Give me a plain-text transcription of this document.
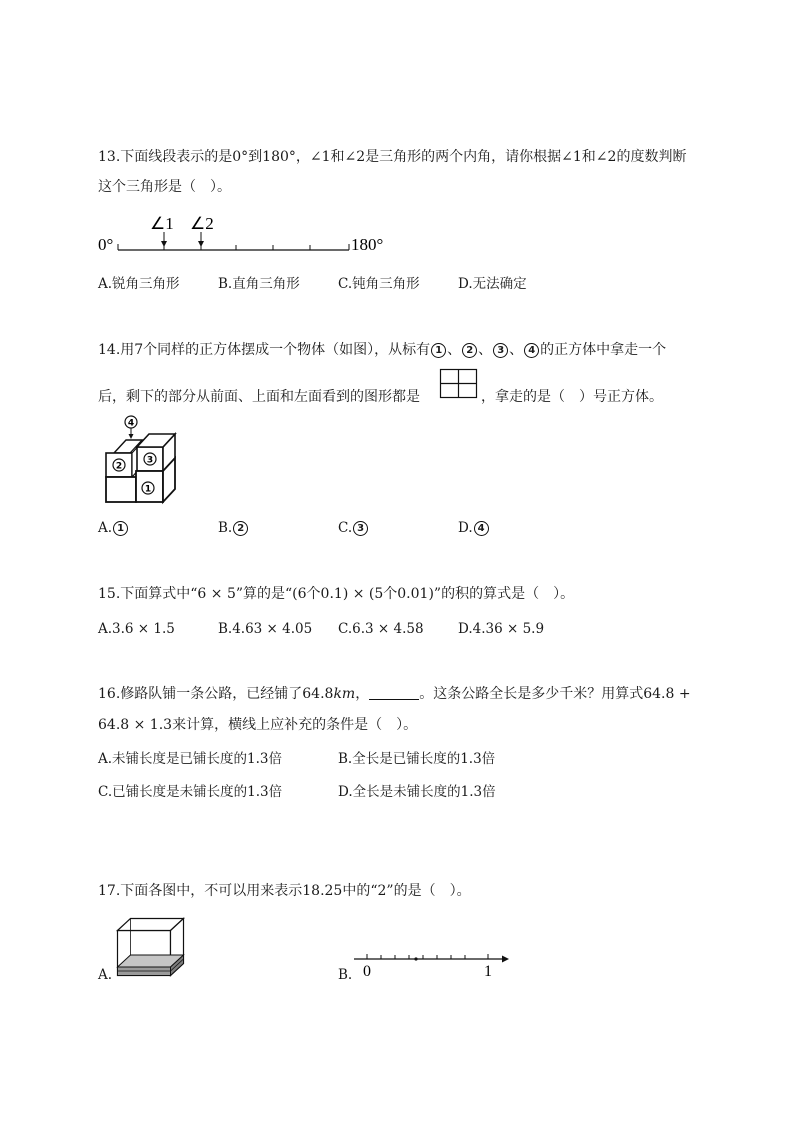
13.下面线段表示的是0°到180°，∠1和∠2是三角形的两个内角，请你根据∠1和∠2的度数判断
这个三角形是（　）。
0°	180°
∠1 ∠2
A.锐角三角形	B.直角三角形	C.钝角三角形	D.无法确定
14.用7个同样的正方体摆成一个物体（如图），从标有 1 、 2 、 3 、 4 的正方体中拿走一个
后，剩下的部分从前面、上面和左面看到的图形都是	，拿走的是（　）号正方体。
4
2
3
1
A. 1	B. 2	C. 3	D. 4
15.下面算式中“6 × 5”算的是“(6个0.1) × (5个0.01)”的积的算式是（　）。
A.3.6 × 1.5	B.4.63 × 4.05 C.6.3 × 4.58	D.4.36 × 5.9
16.修路队铺一条公路，已经铺了64.8km，	。这条公路全长是多少千米？用算式64.8 +
64.8 × 1.3来计算，横线上应补充的条件是（　）。
A.未铺长度是已铺长度的1.3倍	B.全长是已铺长度的1.3倍
C.已铺长度是未铺长度的1.3倍	D.全长是未铺长度的1.3倍
17.下面各图中，不可以用来表示18.25中的“2”的是（　）。
A.	B. 0	1
